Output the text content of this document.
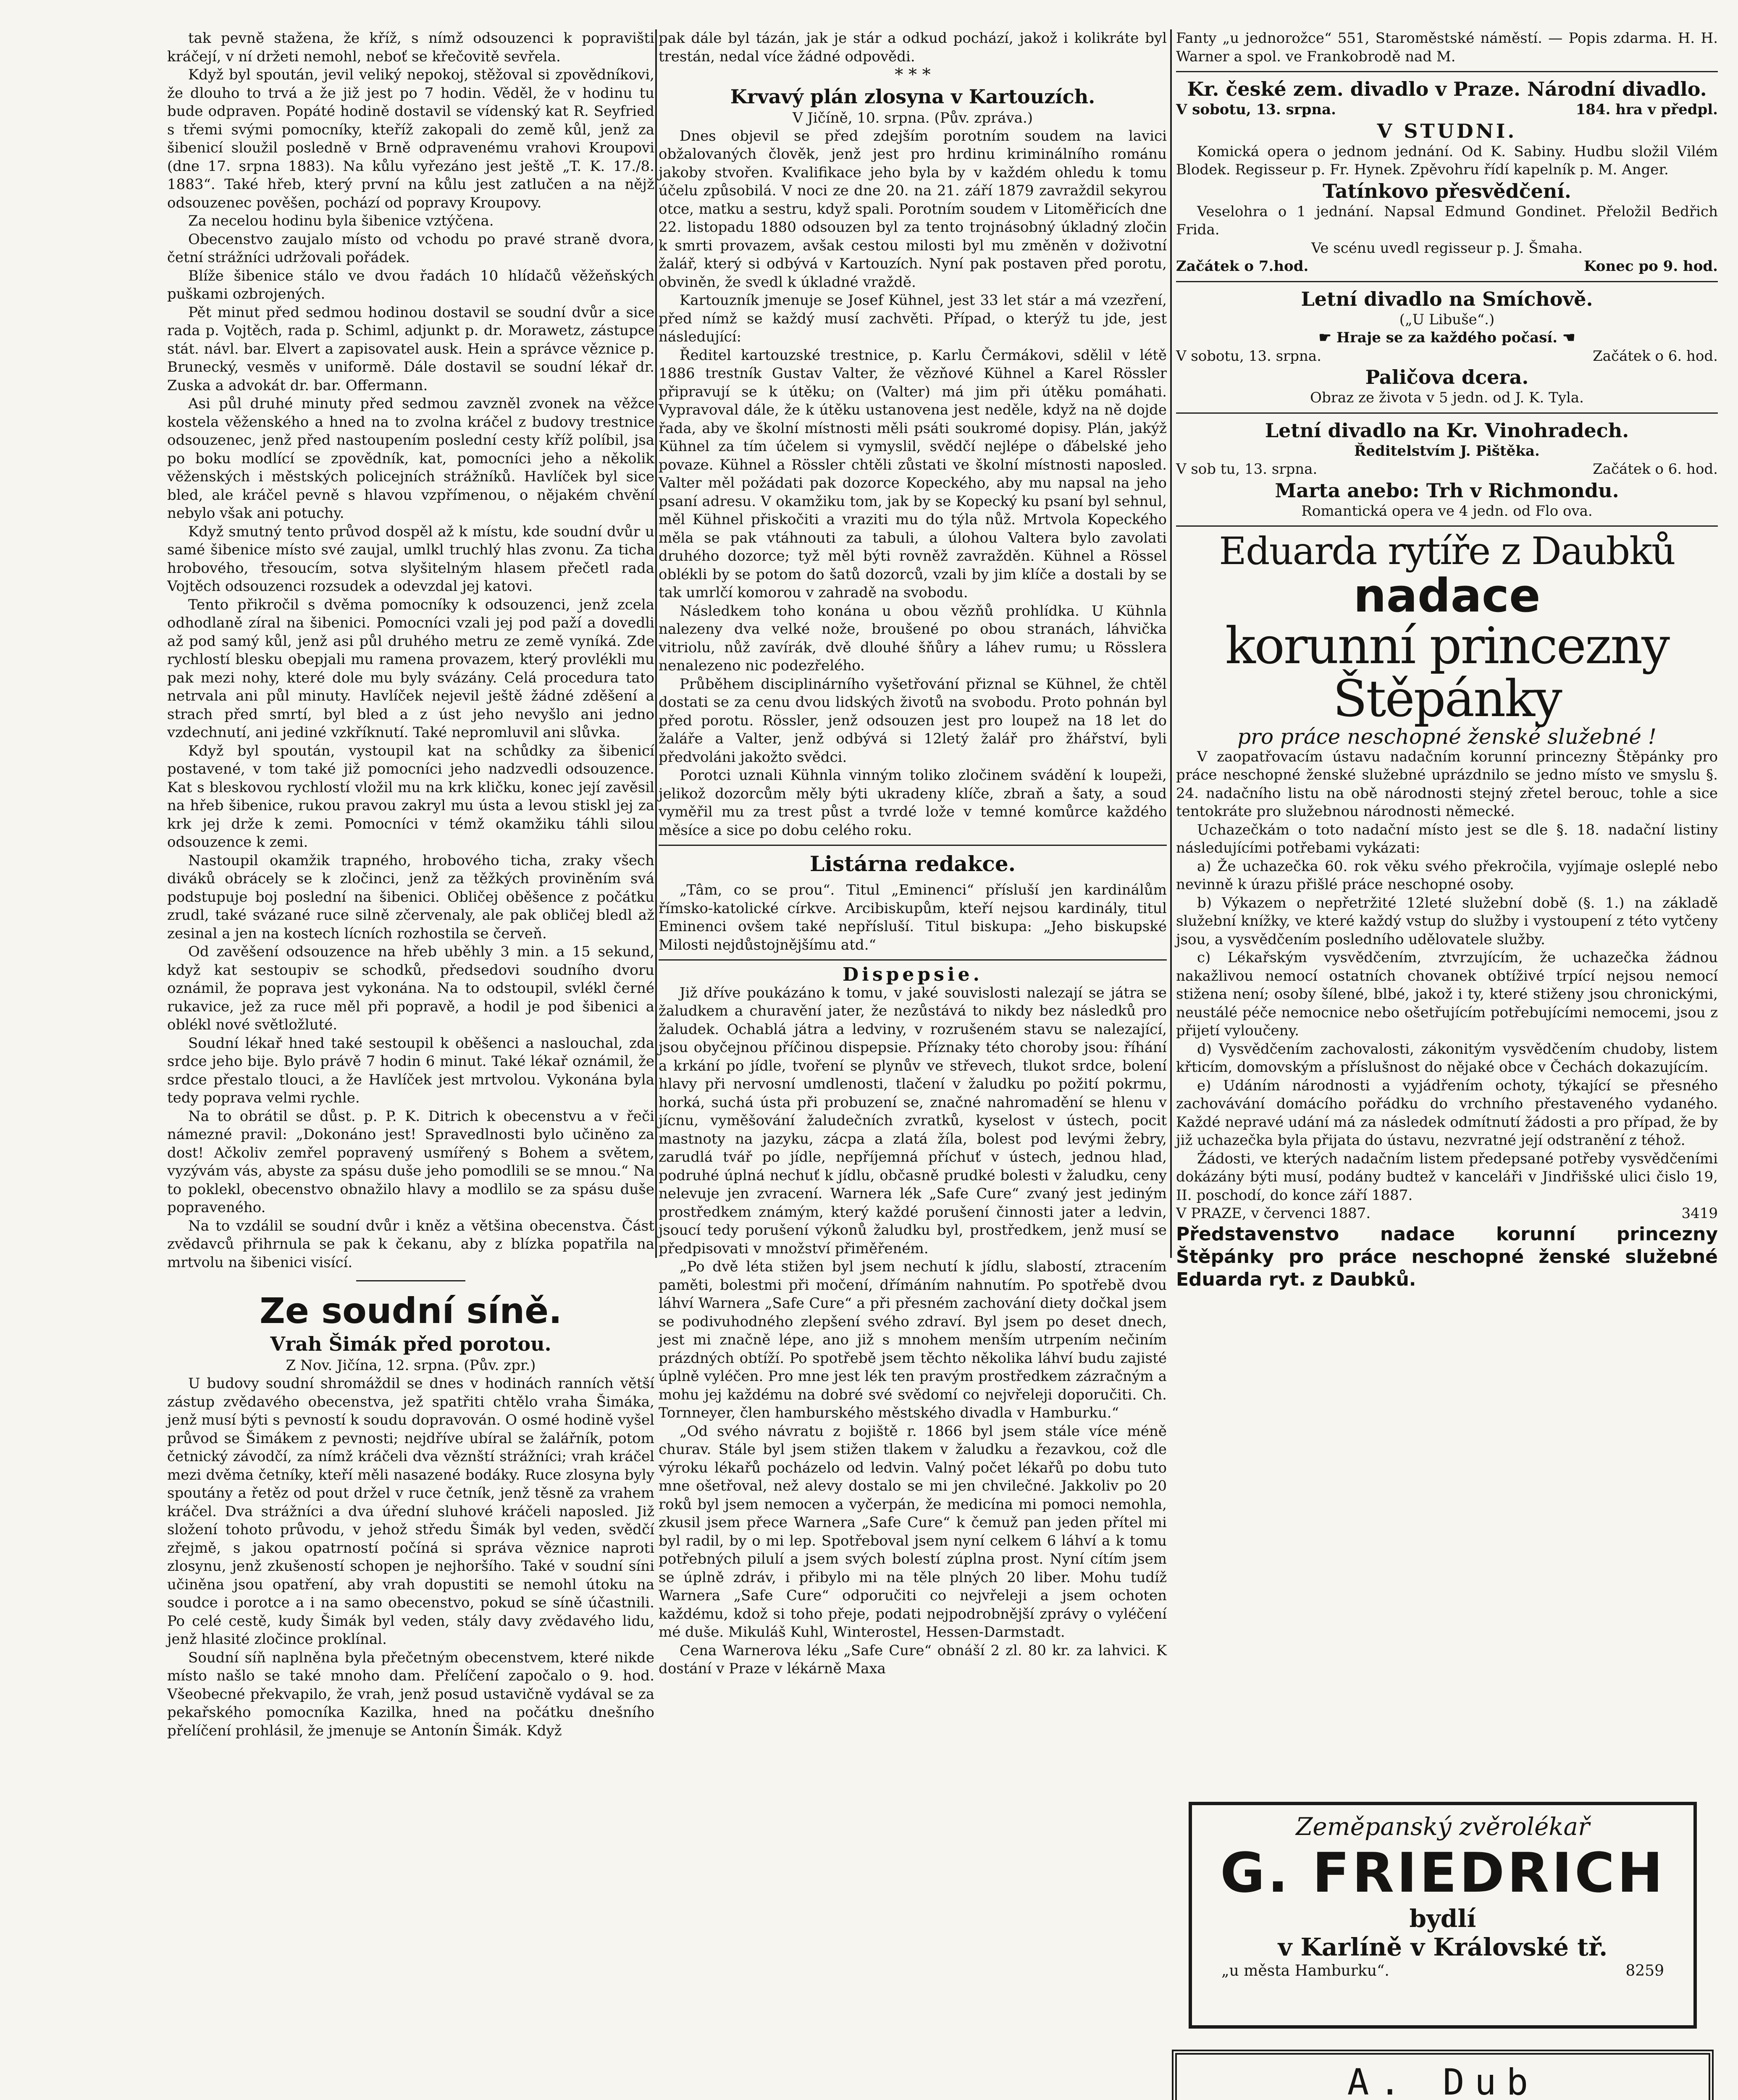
tak pevně stažena, že kříž, s nímž odsouzenci k popravišti kráčejí, v ní držeti nemohl, neboť se křečovitě sevřela.

Když byl spoután, jevil veliký nepokoj, stěžoval si zpovědníkovi, že dlouho to trvá a že již jest po 7 hodin. Věděl, že v hodinu tu bude odpraven. Popáté hodině dostavil se vídenský kat R. Seyfried s třemi svými pomocníky, kteříž zakopali do země kůl, jenž za šibenicí sloužil posledně v Brně odpravenému vrahovi Kroupovi (dne 17. srpna 1883). Na kůlu vyřezáno jest ještě „T. K. 17./8. 1883“. Také hřeb, který první na kůlu jest zatlučen a na nějž odsouzenec pověšen, pochází od popravy Kroupovy.

Za necelou hodinu byla šibenice vztýčena.

Obecenstvo zaujalo místo od vchodu po pravé straně dvora, četní strážníci udržovali pořádek.

Blíže šibenice stálo ve dvou řadách 10 hlídačů věžeňských puškami ozbrojených.

Pět minut před sedmou hodinou dostavil se soudní dvůr a sice rada p. Vojtěch, rada p. Schiml, adjunkt p. dr. Morawetz, zástupce stát. návl. bar. Elvert a zapisovatel ausk. Hein a správce věznice p. Brunecký, vesměs v uniformě. Dále dostavil se soudní lékař dr. Zuska a advokát dr. bar. Offermann.

Asi půl druhé minuty před sedmou zavzněl zvonek na věžce kostela věženského a hned na to zvolna kráčel z budovy trestnice odsouzenec, jenž před nastoupením poslední cesty kříž políbil, jsa po boku modlící se zpovědník, kat, pomocníci jeho a několik věženských i městských policejních strážníků. Havlíček byl sice bled, ale kráčel pevně s hlavou vzpřímenou, o nějakém chvění nebylo však ani potuchy.

Když smutný tento průvod dospěl až k místu, kde soudní dvůr u samé šibenice místo své zaujal, umlkl truchlý hlas zvonu. Za ticha hrobového, třesoucím, sotva slyšitelným hlasem přečetl rada Vojtěch odsouzenci rozsudek a odevzdal jej katovi.

Tento přikročil s dvěma pomocníky k odsouzenci, jenž zcela odhodlaně zíral na šibenici. Pomocníci vzali jej pod paží a dovedli až pod samý kůl, jenž asi půl druhého metru ze země vyníká. Zde rychlostí blesku obepjali mu ramena provazem, který provlékli mu pak mezi nohy, které dole mu byly svázány. Celá procedura tato netrvala ani půl minuty. Havlíček nejevil ještě žádné zděšení a strach před smrtí, byl bled a z úst jeho nevyšlo ani jedno vzdechnutí, ani jediné vzkříknutí. Také nepromluvil ani slůvka.

Když byl spoután, vystoupil kat na schůdky za šibenicí postavené, v tom také již pomocníci jeho nadzvedli odsouzence. Kat s bleskovou rychlostí vložil mu na krk kličku, konec její zavěsil na hřeb šibenice, rukou pravou zakryl mu ústa a levou stiskl jej za krk jej drže k zemi. Pomocníci v témž okamžiku táhli silou odsouzence k zemi.

Nastoupil okamžik trapného, hrobového ticha, zraky všech diváků obrácely se k zločinci, jenž za těžkých proviněním svá podstupuje boj poslední na šibenici. Obličej oběšence z počátku zrudl, také svázané ruce silně zčervenaly, ale pak obličej bledl až zesinal a jen na kostech lícních rozhostila se červeň.

Od zavěšení odsouzence na hřeb uběhly 3 min. a 15 sekund, když kat sestoupiv se schodků, předsedovi soudního dvoru oznámil, že poprava jest vykonána. Na to odstoupil, svlékl černé rukavice, jež za ruce měl při popravě, a hodil je pod šibenici a oblékl nové světložluté.

Soudní lékař hned také sestoupil k oběšenci a naslouchal, zda srdce jeho bije. Bylo právě 7 hodin 6 minut. Také lékař oznámil, že srdce přestalo tlouci, a že Havlíček jest mrtvolou. Vykonána byla tedy poprava velmi rychle.

Na to obrátil se důst. p. P. K. Ditrich k obecenstvu a v řeči námezné pravil: „Dokonáno jest! Spravedlnosti bylo učiněno za dost! Ačkoliv zemřel popravený usmířený s Bohem a světem, vyzývám vás, abyste za spásu duše jeho pomodlili se se mnou.“ Na to poklekl, obecenstvo obnažilo hlavy a modlilo se za spásu duše popraveného.

Na to vzdálil se soudní dvůr i kněz a většina obecenstva. Část zvědavců přihrnula se pak k čekanu, aby z blízka popatřila na mrtvolu na šibenici visící.

Ze soudní síně.
Vrah Šimák před porotou.
Z Nov. Jičína, 12. srpna. (Pův. zpr.)

U budovy soudní shromáždil se dnes v hodinách ranních větší zástup zvědavého obecenstva, jež spatřiti chtělo vraha Šimáka, jenž musí býti s pevností k soudu dopravován. O osmé hodině vyšel průvod se Šimákem z pevnosti; nejdříve ubíral se žalářník, potom četnický závodčí, za nímž kráčeli dva věznští strážníci; vrah kráčel mezi dvěma četníky, kteří měli nasazené bodáky. Ruce zlosyna byly spoutány a řetěz od pout držel v ruce četník, jenž těsně za vrahem kráčel. Dva strážníci a dva úřední sluhové kráčeli naposled. Již složení tohoto průvodu, v jehož středu Šimák byl veden, svědčí zřejmě, s jakou opatrností počíná si správa věznice naproti zlosynu, jenž zkušeností schopen je nejhoršího. Také v soudní síni učiněna jsou opatření, aby vrah dopustiti se nemohl útoku na soudce i porotce a i na samo obecenstvo, pokud se síně účastnili. Po celé cestě, kudy Šimák byl veden, stály davy zvědavého lidu, jenž hlasité zločince proklínal.

Soudní síň naplněna byla přečetným obecenstvem, které nikde místo našlo se také mnoho dam. Přelíčení započalo o 9. hod. Všeobecné překvapilo, že vrah, jenž posud ustavičně vydával se za pekařského pomocníka Kazilka, hned na počátku dnešního přelíčení prohlásil, že jmenuje se Antonín Šimák. Když

pak dále byl tázán, jak je stár a odkud pochází, jakož i kolikráte byl trestán, nedal více žádné odpovědi.

* * *
Krvavý plán zlosyna v Kartouzích.
V Jičíně, 10. srpna. (Pův. zpráva.)

Dnes objevil se před zdejším porotním soudem na lavici obžalovaných člověk, jenž jest pro hrdinu kriminálního románu jakoby stvořen. Kvalifikace jeho byla by v každém ohledu k tomu účelu způsobilá. V noci ze dne 20. na 21. září 1879 zavraždil sekyrou otce, matku a sestru, když spali. Porotním soudem v Litoměřicích dne 22. listopadu 1880 odsouzen byl za tento trojnásobný úkladný zločin k smrti provazem, avšak cestou milosti byl mu změněn v doživotní žalář, který si odbývá v Kartouzích. Nyní pak postaven před porotu, obviněn, že svedl k úkladné vraždě.

Kartouzník jmenuje se Josef Kühnel, jest 33 let stár a má vzezření, před nímž se každý musí zachvěti. Případ, o kterýž tu jde, jest následující:

Ředitel kartouzské trestnice, p. Karlu Čermákovi, sdělil v létě 1886 trestník Gustav Valter, že vězňové Kühnel a Karel Rössler připravují se k útěku; on (Valter) má jim při útěku pomáhati. Vypravoval dále, že k útěku ustanovena jest neděle, když na ně dojde řada, aby ve školní místnosti měli psáti soukromé dopisy. Plán, jakýž Kühnel za tím účelem si vymyslil, svědčí nejlépe o ďábelské jeho povaze. Kühnel a Rössler chtěli zůstati ve školní místnosti naposled. Valter měl požádati pak dozorce Kopeckého, aby mu napsal na jeho psaní adresu. V okamžiku tom, jak by se Kopecký ku psaní byl sehnul, měl Kühnel přiskočiti a vraziti mu do týla nůž. Mrtvola Kopeckého měla se pak vtáhnouti za tabuli, a úlohou Valtera bylo zavolati druhého dozorce; tyž měl býti rovněž zavražděn. Kühnel a Rössel oblékli by se potom do šatů dozorců, vzali by jim klíče a dostali by se tak umrlčí komorou v zahradě na svobodu.

Následkem toho konána u obou vězňů prohlídka. U Kühnla nalezeny dva velké nože, broušené po obou stranách, láhvička vitriolu, nůž zavírák, dvě dlouhé šňůry a láhev rumu; u Rösslera nenalezeno nic podezřelého.

Průběhem disciplinárního vyšetřování přiznal se Kühnel, že chtěl dostati se za cenu dvou lidských životů na svobodu. Proto pohnán byl před porotu. Rössler, jenž odsouzen jest pro loupež na 18 let do žaláře a Valter, jenž odbývá si 12letý žalář pro žhářství, byli předvoláni jakožto svědci.

Porotci uznali Kühnla vinným toliko zločinem svádění k loupeži, jelikož dozorcům měly býti ukradeny klíče, zbraň a šaty, a soud vyměřil mu za trest půst a tvrdé lože v temné komůrce každého měsíce a sice po dobu celého roku.

Listárna redakce.

„Tâm, co se prou“. Titul „Eminenci“ přísluší jen kardinálům římsko-katolické církve. Arcibiskupům, kteří nejsou kardinály, titul Eminenci ovšem také nepřísluší. Titul biskupa: „Jeho biskupské Milosti nejdůstojnějšímu atd.“

Dispepsie.

Již dříve poukázáno k tomu, v jaké souvislosti nalezají se játra se žaludkem a churavění jater, že nezůstává to nikdy bez následků pro žaludek. Ochablá játra a ledviny, v rozrušeném stavu se nalezající, jsou obyčejnou příčinou dispepsie. Příznaky této choroby jsou: říhání a krkání po jídle, tvoření se plynův ve střevech, tlukot srdce, bolení hlavy při nervosní umdlenosti, tlačení v žaludku po požití pokrmu, horká, suchá ústa při probuzení se, značné nahromadění se hlenu v jícnu, vyměšování žaludečních zvratků, kyselost v ústech, pocit mastnoty na jazyku, zácpa a zlatá žíla, bolest pod levými žebry, zarudlá tvář po jídle, nepříjemná příchuť v ústech, jednou hlad, podruhé úplná nechuť k jídlu, občasně prudké bolesti v žaludku, ceny nelevuje jen zvracení. Warnera lék „Safe Cure“ zvaný jest jediným prostředkem známým, který každé porušení činnosti jater a ledvin, jsoucí tedy porušení výkonů žaludku byl, prostředkem, jenž musí se předpisovati v množství přiměřeném.

„Po dvě léta stižen byl jsem nechutí k jídlu, slabostí, ztracením paměti, bolestmi při močení, dřímáním nahnutím. Po spotřebě dvou láhví Warnera „Safe Cure“ a při přesném zachování diety dočkal jsem se podivuhodného zlepšení svého zdraví. Byl jsem po deset dnech, jest mi značně lépe, ano již s mnohem menším utrpením nečiním prázdných obtíží. Po spotřebě jsem těchto několika láhví budu zajisté úplně vyléčen. Pro mne jest lék ten pravým prostředkem zázračným a mohu jej každému na dobré své svědomí co nejvřeleji doporučiti. Ch. Tornneyer, člen hamburského městského divadla v Hamburku.“

„Od svého návratu z bojiště r. 1866 byl jsem stále více méně churav. Stále byl jsem stižen tlakem v žaludku a řezavkou, což dle výroku lékařů pocházelo od ledvin. Valný počet lékařů po dobu tuto mne ošetřoval, než alevy dostalo se mi jen chvilečné. Jakkoliv po 20 roků byl jsem nemocen a vyčerpán, že medicína mi pomoci nemohla, zkusil jsem přece Warnera „Safe Cure“ k čemuž pan jeden přítel mi byl radil, by o mi lep. Spotřeboval jsem nyní celkem 6 láhví a k tomu potřebných pilulí a jsem svých bolestí zúplna prost. Nyní cítím jsem se úplně zdráv, i přibylo mi na těle plných 20 liber. Mohu tudíž Warnera „Safe Cure“ odporučiti co nejvřeleji a jsem ochoten každému, kdož si toho přeje, podati nejpodrobnější zprávy o vyléčení mé duše. Mikuláš Kuhl, Winterostel, Hessen-Darmstadt.

Cena Warnerova léku „Safe Cure“ obnáší 2 zl. 80 kr. za lahvici. K dostání v Praze v lékárně Maxa

Fanty „u jednorožce“ 551, Staroměstské náměstí. — Popis zdarma. H. H. Warner a spol. ve Frankobrodě nad M.

Kr. české zem. divadlo v Praze. Národní divadlo.
V sobotu, 13. srpna.	184. hra v předpl.
V STUDNI.

Komická opera o jednom jednání. Od K. Sabiny. Hudbu složil Vilém Blodek. Regisseur p. Fr. Hynek. Zpěvohru řídí kapelník p. M. Anger.

Tatínkovo přesvědčení.

Veselohra o 1 jednání. Napsal Edmund Gondinet. Přeložil Bedřich Frida.

Ve scénu uvedl regisseur p. J. Šmaha.
Začátek o 7.hod.	Konec po 9. hod.
Letní divadlo na Smíchově.
(„U Libuše“.)
☛ Hraje se za každého počasí. ☚
V sobotu, 13. srpna.	Začátek o 6. hod.
Paličova dcera.
Obraz ze života v 5 jedn. od J. K. Tyla.
Letní divadlo na Kr. Vinohradech.
Ředitelstvím J. Pištěka.
V sob tu, 13. srpna.	Začátek o 6. hod.
Marta anebo: Trh v Richmondu.
Romantická opera ve 4 jedn. od Flo ova.
Eduarda rytíře z Daubků
nadace
korunní princezny Štěpánky
pro práce neschopné ženské služebné !

V zaopatřovacím ústavu nadačním korunní princezny Štěpánky pro práce neschopné ženské služebné uprázdnilo se jedno místo ve smyslu §. 24. nadačního listu na obě národnosti stejný zřetel berouc, tohle a sice tentokráte pro služebnou národnosti německé.

Uchazečkám o toto nadační místo jest se dle §. 18. nadační listiny následujícími potřebami vykázati:

a) Že uchazečka 60. rok věku svého překročila, vyjímaje osleplé nebo nevinně k úrazu přišlé práce neschopné osoby.

b) Výkazem o nepřetržité 12leté služební době (§. 1.) na základě služební knížky, ve které každý vstup do služby i vystoupení z této vytčeny jsou, a vysvědčením posledního udělovatele služby.

c) Lékařským vysvědčením, ztvrzujícím, že uchazečka žádnou nakažlivou nemocí ostatních chovanek obtíživé trpící nejsou nemocí stižena není; osoby šílené, blbé, jakož i ty, které stiženy jsou chronickými, neustálé péče nemocnice nebo ošetřujícím potřebujícími nemocemi, jsou z přijetí vyloučeny.

d) Vysvědčením zachovalosti, zákonitým vysvědčením chudoby, listem křticím, domovským a příslušnost do nějaké obce v Čechách dokazujícím.

e) Udáním národnosti a vyjádřením ochoty, týkající se přesného zachovávání domácího pořádku do vrchního přestaveného vydaného. Každé nepravé udání má za následek odmítnutí žádosti a pro případ, že by již uchazečka byla přijata do ústavu, nezvratné její odstranění z téhož.

Žádosti, ve kterých nadačním listem předepsané potřeby vysvědčeními dokázány býti musí, podány budtež v kanceláři v Jindřišské ulici čislo 19, II. poschodí, do konce září 1887.

V PRAZE, v červenci 1887.	3419
Představenstvo nadace korunní princezny Štěpánky pro práce neschopné ženské služebné Eduarda ryt. z Daubků.
Zeměpanský zvěrolékař
G. FRIEDRICH
bydlí
v Karlíně v Královské tř.
„u města Hamburku“.	8259
A. Dub
